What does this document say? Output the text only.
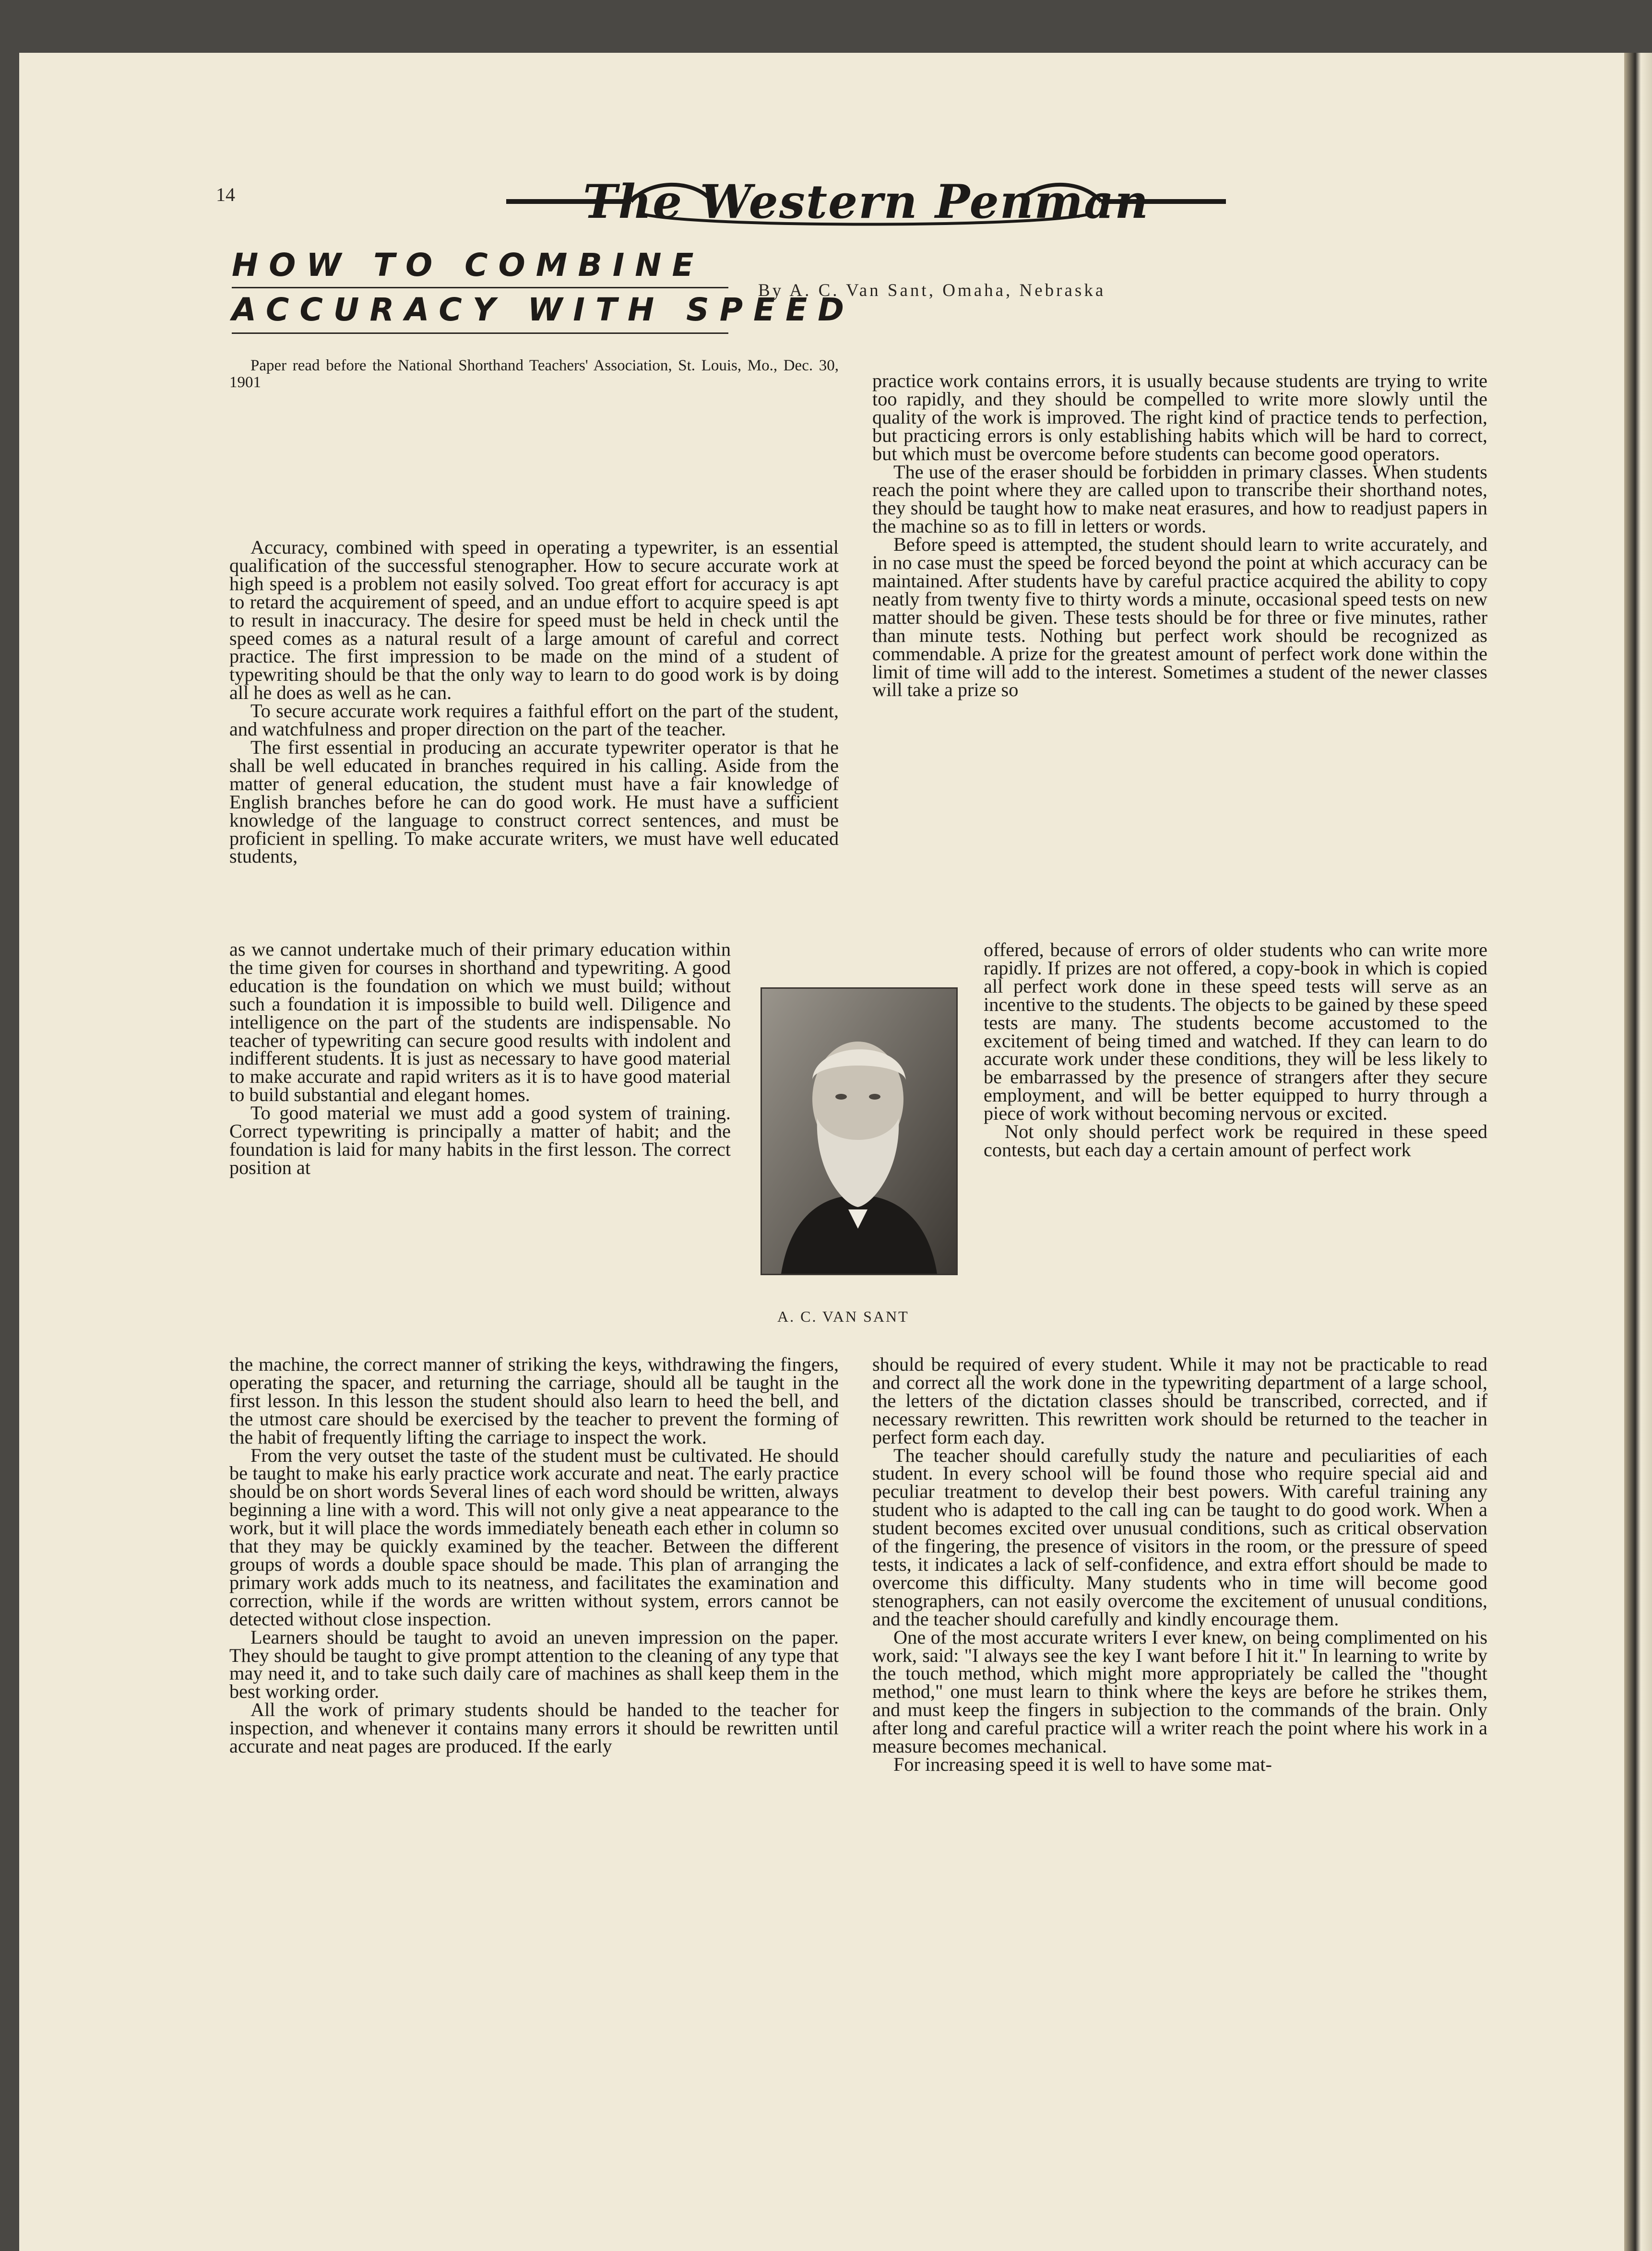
14	The Western Penman
HOW TO COMBINE
ACCURACY WITH SPEED
By A. C. Van Sant, Omaha, Nebraska
Paper read before the National Shorthand Teachers' Association, St. Louis, Mo., Dec. 30, 1901

Accuracy, combined with speed in operating a typewriter, is an essential qualification of the successful stenographer. How to secure accurate work at high speed is a problem not easily solved. Too great effort for accuracy is apt to retard the acquirement of speed, and an undue effort to acquire speed is apt to result in inaccuracy. The desire for speed must be held in check until the speed comes as a natural result of a large amount of careful and correct practice. The first impression to be made on the mind of a student of typewriting should be that the only way to learn to do good work is by doing all he does as well as he can.

To secure accurate work requires a faithful effort on the part of the student, and watchfulness and proper direction on the part of the teacher.

The first essential in producing an accurate typewriter operator is that he shall be well educated in branches required in his calling. Aside from the matter of general education, the student must have a fair knowledge of English branches before he can do good work. He must have a sufficient knowledge of the language to construct correct sentences, and must be proficient in spelling. To make accurate writers, we must have well educated students,

as we cannot undertake much of their primary education within the time given for courses in shorthand and typewriting. A good education is the foundation on which we must build; without such a foundation it is impossible to build well. Diligence and intelligence on the part of the students are indispensable. No teacher of typewriting can secure good results with indolent and indifferent students. It is just as necessary to have good material to make accurate and rapid writers as it is to have good material to build substantial and elegant homes.

To good material we must add a good system of training. Correct typewriting is principally a matter of habit; and the foundation is laid for many habits in the first lesson. The correct position at

the machine, the correct manner of striking the keys, withdrawing the fingers, operating the spacer, and returning the carriage, should all be taught in the first lesson. In this lesson the student should also learn to heed the bell, and the utmost care should be exercised by the teacher to prevent the forming of the habit of frequently lifting the carriage to inspect the work.

From the very outset the taste of the student must be cultivated. He should be taught to make his early practice work accurate and neat. The early practice should be on short words Several lines of each word should be written, always beginning a line with a word. This will not only give a neat appearance to the work, but it will place the words immediately beneath each ether in column so that they may be quickly examined by the teacher. Between the different groups of words a double space should be made. This plan of arranging the primary work adds much to its neatness, and facilitates the examination and correction, while if the words are written without system, errors cannot be detected without close inspection.

Learners should be taught to avoid an uneven impression on the paper. They should be taught to give prompt attention to the cleaning of any type that may need it, and to take such daily care of machines as shall keep them in the best working order.

All the work of primary students should be handed to the teacher for inspection, and whenever it contains many errors it should be rewritten until accurate and neat pages are produced. If the early

A. C. VAN SANT

practice work contains errors, it is usually because students are trying to write too rapidly, and they should be compelled to write more slowly until the quality of the work is improved. The right kind of practice tends to perfection, but practicing errors is only establishing habits which will be hard to correct, but which must be overcome before students can become good operators.

The use of the eraser should be forbidden in primary classes. When students reach the point where they are called upon to transcribe their shorthand notes, they should be taught how to make neat erasures, and how to readjust papers in the machine so as to fill in letters or words.

Before speed is attempted, the student should learn to write accurately, and in no case must the speed be forced beyond the point at which accuracy can be maintained. After students have by careful practice acquired the ability to copy neatly from twenty five to thirty words a minute, occasional speed tests on new matter should be given. These tests should be for three or five minutes, rather than minute tests. Nothing but perfect work should be recognized as commendable. A prize for the greatest amount of perfect work done within the limit of time will add to the interest. Sometimes a student of the newer classes will take a prize so

offered, because of errors of older students who can write more rapidly. If prizes are not offered, a copy-book in which is copied all perfect work done in these speed tests will serve as an incentive to the students. The objects to be gained by these speed tests are many. The students become accustomed to the excitement of being timed and watched. If they can learn to do accurate work under these conditions, they will be less likely to be embarrassed by the presence of strangers after they secure employment, and will be better equipped to hurry through a piece of work without becoming nervous or excited.

Not only should perfect work be required in these speed contests, but each day a certain amount of perfect work

should be required of every student. While it may not be practicable to read and correct all the work done in the typewriting department of a large school, the letters of the dictation classes should be transcribed, corrected, and if necessary rewritten. This rewritten work should be returned to the teacher in perfect form each day.

The teacher should carefully study the nature and peculiarities of each student. In every school will be found those who require special aid and peculiar treatment to develop their best powers. With careful training any student who is adapted to the call ing can be taught to do good work. When a student becomes excited over unusual conditions, such as critical observation of the fingering, the presence of visitors in the room, or the pressure of speed tests, it indicates a lack of self-confidence, and extra effort should be made to overcome this difficulty. Many students who in time will become good stenographers, can not easily overcome the excitement of unusual conditions, and the teacher should carefully and kindly encourage them.

One of the most accurate writers I ever knew, on being complimented on his work, said: "I always see the key I want before I hit it." In learning to write by the touch method, which might more appropriately be called the "thought method," one must learn to think where the keys are before he strikes them, and must keep the fingers in subjection to the commands of the brain. Only after long and careful practice will a writer reach the point where his work in a measure becomes mechanical.

For increasing speed it is well to have some mat-
